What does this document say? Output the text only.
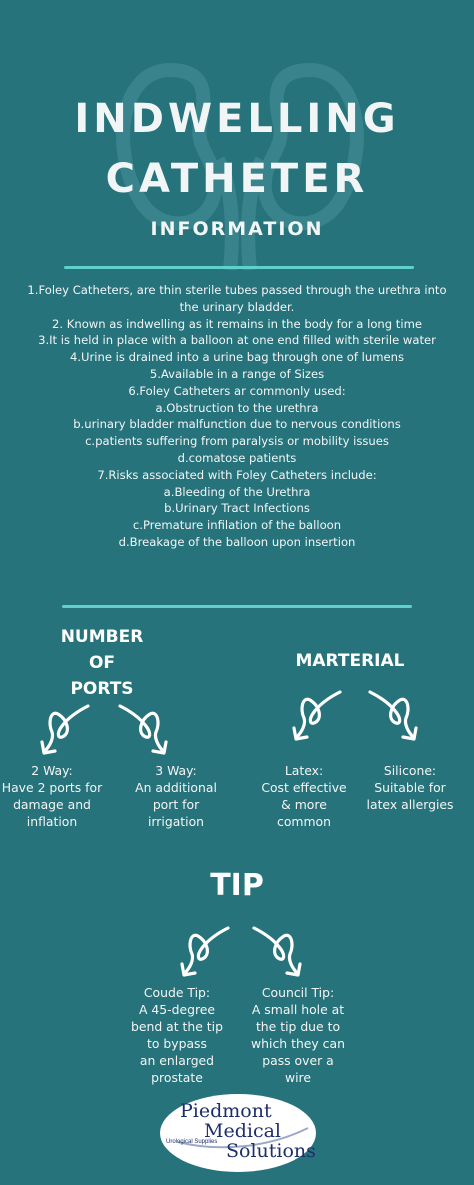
INDWELLING
CATHETER
INFORMATION
1.Foley Catheters, are thin sterile tubes passed through the urethra into
the urinary bladder.
2. Known as indwelling as it remains in the body for a long time
3.It is held in place with a balloon at one end filled with sterile water
4.Urine is drained into a urine bag through one of lumens
5.Available in a range of Sizes
6.Foley Catheters ar commonly used:
a.Obstruction to the urethra
b.urinary bladder malfunction due to nervous conditions
c.patients suffering from paralysis or mobility issues
d.comatose patients
7.Risks associated with Foley Catheters include:
a.Bleeding of the Urethra
b.Urinary Tract Infections
c.Premature infilation of the balloon
d.Breakage of the balloon upon insertion
NUMBER
OF
PORTS
2 Way:
Have 2 ports for
damage and
inflation
3 Way:
An additional
port for
irrigation
MARTERIAL
Latex:
Cost effective
& more
common
Silicone:
Suitable for
latex allergies
TIP
Coude Tip:
A 45-degree
bend at the tip
to bypass
an enlarged
prostate
Council Tip:
A small hole at
the tip due to
which they can
pass over a
wire
Piedmont
Medical
Urological Supplies Solutions
